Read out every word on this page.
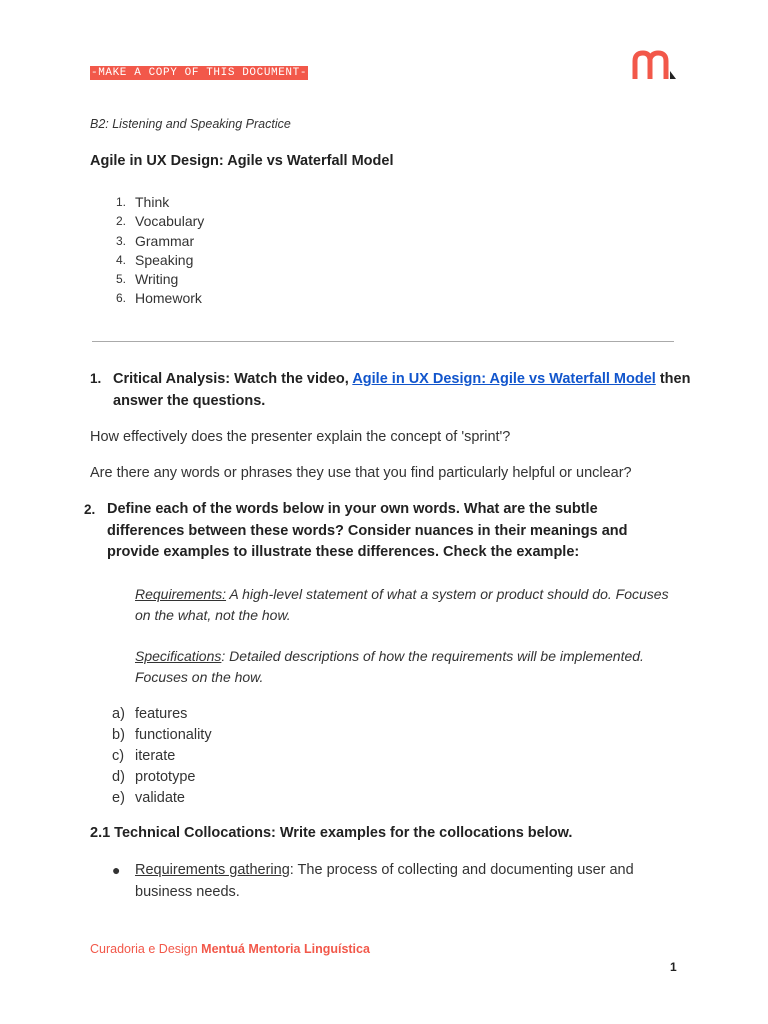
-MAKE A COPY OF THIS DOCUMENT-
B2: Listening and Speaking Practice
Agile in UX Design: Agile vs Waterfall Model
1. Think
2. Vocabulary
3. Grammar
4. Speaking
5. Writing
6. Homework
1. Critical Analysis: Watch the video, Agile in UX Design: Agile vs Waterfall Model then answer the questions.
How effectively does the presenter explain the concept of 'sprint'?
Are there any words or phrases they use that you find particularly helpful or unclear?
2. Define each of the words below in your own words. What are the subtle differences between these words? Consider nuances in their meanings and provide examples to illustrate these differences. Check the example:
Requirements: A high-level statement of what a system or product should do. Focuses on the what, not the how.
Specifications: Detailed descriptions of how the requirements will be implemented. Focuses on the how.
a) features
b) functionality
c) iterate
d) prototype
e) validate
2.1 Technical Collocations: Write examples for the collocations below.
● Requirements gathering: The process of collecting and documenting user and business needs.
Curadoria e Design Mentuá Mentoria Linguística
1
